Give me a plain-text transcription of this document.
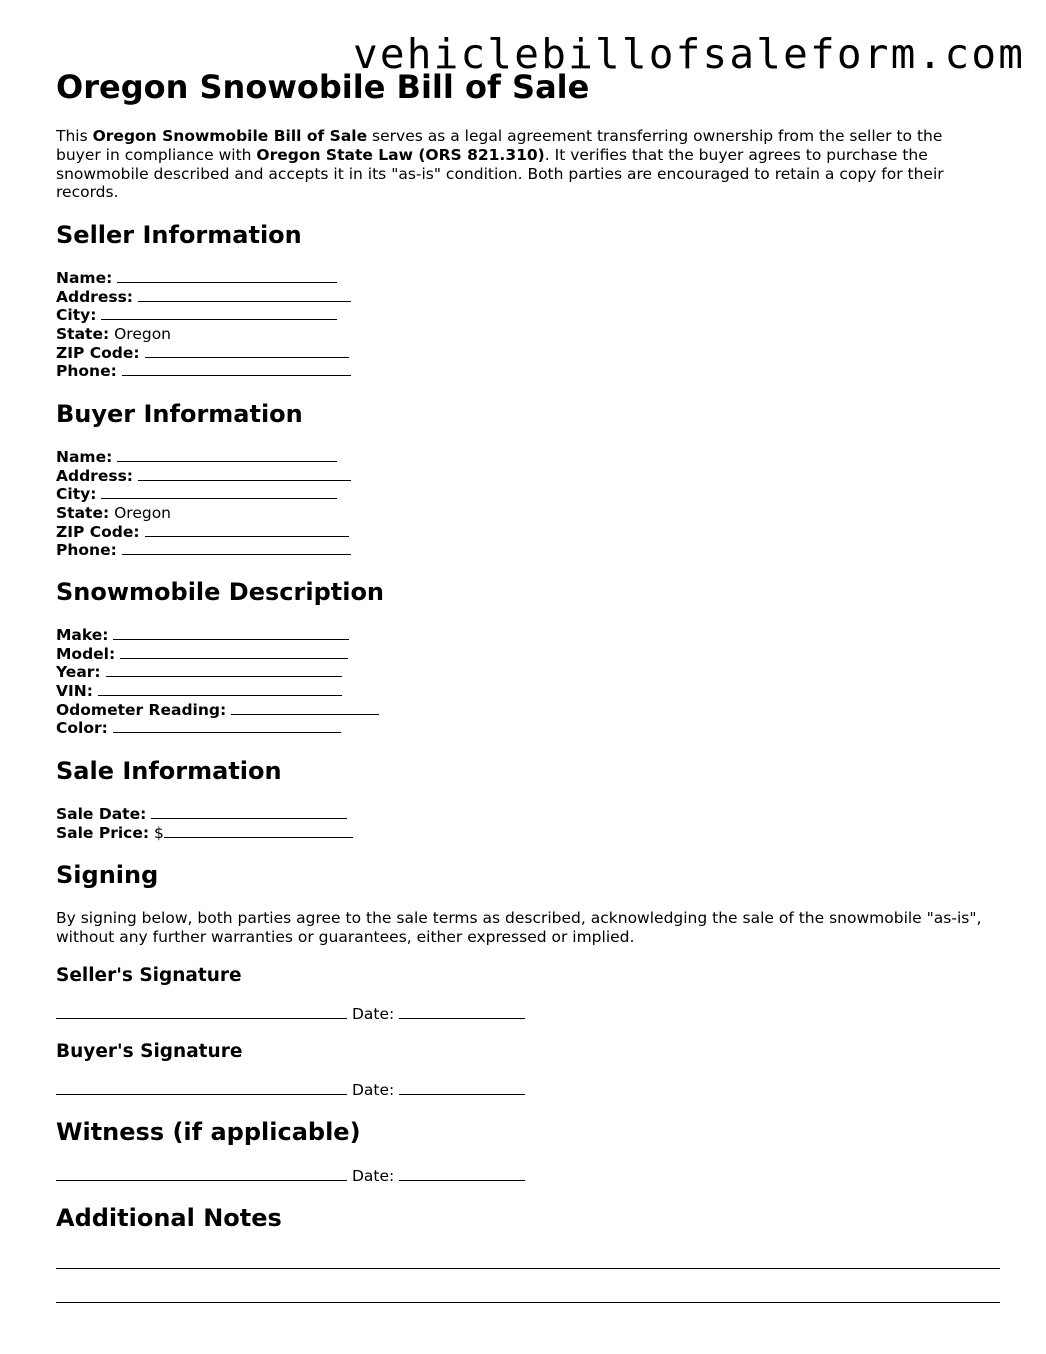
vehiclebillofsaleform.com
Oregon Snowobile Bill of Sale

This Oregon Snowmobile Bill of Sale serves as a legal agreement transferring ownership from the seller to the buyer in compliance with Oregon State Law (ORS 821.310). It verifies that the buyer agrees to purchase the snowmobile described and accepts it in its "as-is" condition. Both parties are encouraged to retain a copy for their records.

Seller Information
Name:
Address:
City:
State: Oregon
ZIP Code:
Phone:
Buyer Information
Name:
Address:
City:
State: Oregon
ZIP Code:
Phone:
Snowmobile Description
Make:
Model:
Year:
VIN:
Odometer Reading:
Color:
Sale Information
Sale Date:
Sale Price: $
Signing

By signing below, both parties agree to the sale terms as described, acknowledging the sale of the snowmobile "as-is", without any further warranties or guarantees, either expressed or implied.

Seller's Signature
Date:
Buyer's Signature
Date:
Witness (if applicable)
Date:
Additional Notes
